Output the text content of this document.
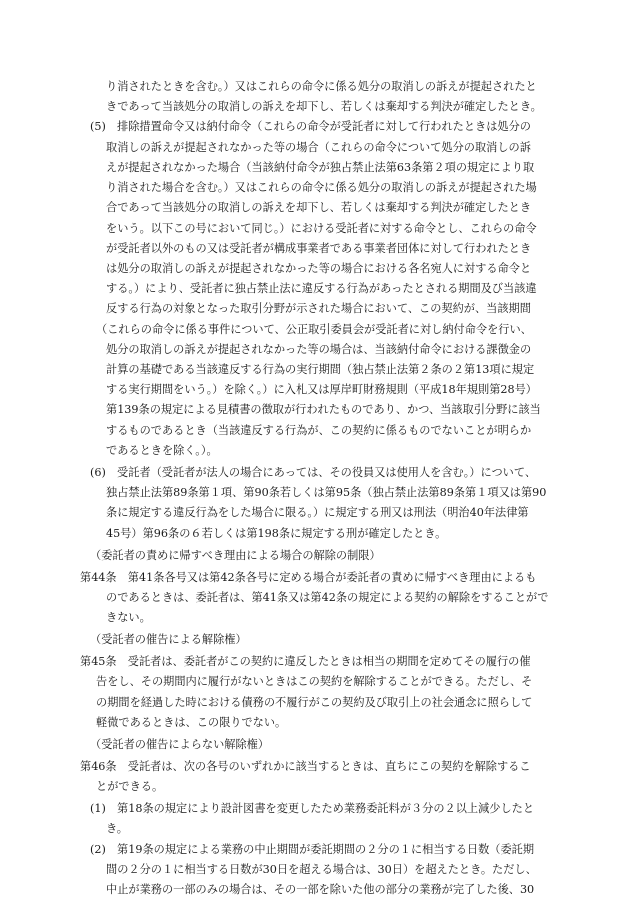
り消されたときを含む。）又はこれらの命令に係る処分の取消しの訴えが提起されたと
きであって当該処分の取消しの訴えを却下し、若しくは棄却する判決が確定したとき。
(5)　排除措置命令又は納付命令（これらの命令が受託者に対して行われたときは処分の
取消しの訴えが提起されなかった等の場合（これらの命令について処分の取消しの訴
えが提起されなかった場合（当該納付命令が独占禁止法第63条第２項の規定により取
り消された場合を含む。）又はこれらの命令に係る処分の取消しの訴えが提起された場
合であって当該処分の取消しの訴えを却下し、若しくは棄却する判決が確定したとき
をいう。以下この号において同じ。）における受託者に対する命令とし、これらの命令
が受託者以外のもの又は受託者が構成事業者である事業者団体に対して行われたとき
は処分の取消しの訴えが提起されなかった等の場合における各名宛人に対する命令と
する。）により、受託者に独占禁止法に違反する行為があったとされる期間及び当該違
反する行為の対象となった取引分野が示された場合において、この契約が、当該期間
（これらの命令に係る事件について、公正取引委員会が受託者に対し納付命令を行い、
処分の取消しの訴えが提起されなかった等の場合は、当該納付命令における課徴金の
計算の基礎である当該違反する行為の実行期間（独占禁止法第２条の２第13項に規定
する実行期間をいう。）を除く。）に入札又は厚岸町財務規則（平成18年規則第28号）
第139条の規定による見積書の徴取が行われたものであり、かつ、当該取引分野に該当
するものであるとき（当該違反する行為が、この契約に係るものでないことが明らか
であるときを除く。）。
(6)　受託者（受託者が法人の場合にあっては、その役員又は使用人を含む。）について、
独占禁止法第89条第１項、第90条若しくは第95条（独占禁止法第89条第１項又は第90
条に規定する違反行為をした場合に限る。）に規定する刑又は刑法（明治40年法律第
45号）第96条の６若しくは第198条に規定する刑が確定したとき。
（委託者の責めに帰すべき理由による場合の解除の制限）
第44条　第41条各号又は第42条各号に定める場合が委託者の責めに帰すべき理由によるも
のであるときは、委託者は、第41条又は第42条の規定による契約の解除をすることがで
きない。
（受託者の催告による解除権）
第45条　受託者は、委託者がこの契約に違反したときは相当の期間を定めてその履行の催
告をし、その期間内に履行がないときはこの契約を解除することができる。ただし、そ
の期間を経過した時における債務の不履行がこの契約及び取引上の社会通念に照らして
軽微であるときは、この限りでない。
（受託者の催告によらない解除権）
第46条　受託者は、次の各号のいずれかに該当するときは、直ちにこの契約を解除するこ
とができる。
(1)　第18条の規定により設計図書を変更したため業務委託料が３分の２以上減少したと
き。
(2)　第19条の規定による業務の中止期間が委託期間の２分の１に相当する日数（委託期
間の２分の１に相当する日数が30日を超える場合は、30日）を超えたとき。ただし、
中止が業務の一部のみの場合は、その一部を除いた他の部分の業務が完了した後、30
